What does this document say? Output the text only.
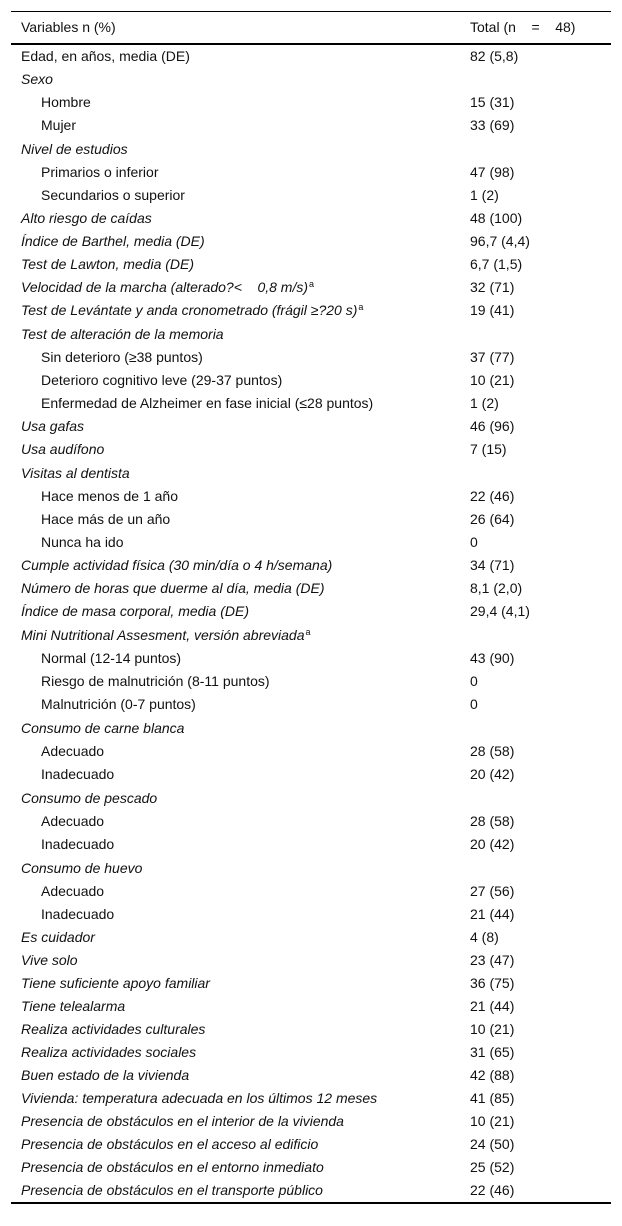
Variables n (%)	Total (n    =    48)
Edad, en años, media (DE)	82 (5,8)
Sexo	
Hombre	15 (31)
Mujer	33 (69)
Nivel de estudios	
Primarios o inferior	47 (98)
Secundarios o superior	1 (2)
Alto riesgo de caídas	48 (100)
Índice de Barthel, media (DE)	96,7 (4,4)
Test de Lawton, media (DE)	6,7 (1,5)
Velocidad de la marcha (alterado?<    0,8 m/s)$^a$	32 (71)
Test de Levántate y anda cronometrado (frágil ≥?20 s)$^a$	19 (41)
Test de alteración de la memoria	
Sin deterioro (≥38 puntos)	37 (77)
Deterioro cognitivo leve (29-37 puntos)	10 (21)
Enfermedad de Alzheimer en fase inicial (≤28 puntos)	1 (2)
Usa gafas	46 (96)
Usa audífono	7 (15)
Visitas al dentista	
Hace menos de 1 año	22 (46)
Hace más de un año	26 (64)
Nunca ha ido	0
Cumple actividad física (30 min/día o 4 h/semana)	34 (71)
Número de horas que duerme al día, media (DE)	8,1 (2,0)
Índice de masa corporal, media (DE)	29,4 (4,1)
Mini Nutritional Assesment, versión abreviada$^a$	
Normal (12-14 puntos)	43 (90)
Riesgo de malnutrición (8-11 puntos)	0
Malnutrición (0-7 puntos)	0
Consumo de carne blanca	
Adecuado	28 (58)
Inadecuado	20 (42)
Consumo de pescado	
Adecuado	28 (58)
Inadecuado	20 (42)
Consumo de huevo	
Adecuado	27 (56)
Inadecuado	21 (44)
Es cuidador	4 (8)
Vive solo	23 (47)
Tiene suficiente apoyo familiar	36 (75)
Tiene telealarma	21 (44)
Realiza actividades culturales	10 (21)
Realiza actividades sociales	31 (65)
Buen estado de la vivienda	42 (88)
Vivienda: temperatura adecuada en los últimos 12 meses	41 (85)
Presencia de obstáculos en el interior de la vivienda	10 (21)
Presencia de obstáculos en el acceso al edificio	24 (50)
Presencia de obstáculos en el entorno inmediato	25 (52)
Presencia de obstáculos en el transporte público	22 (46)
